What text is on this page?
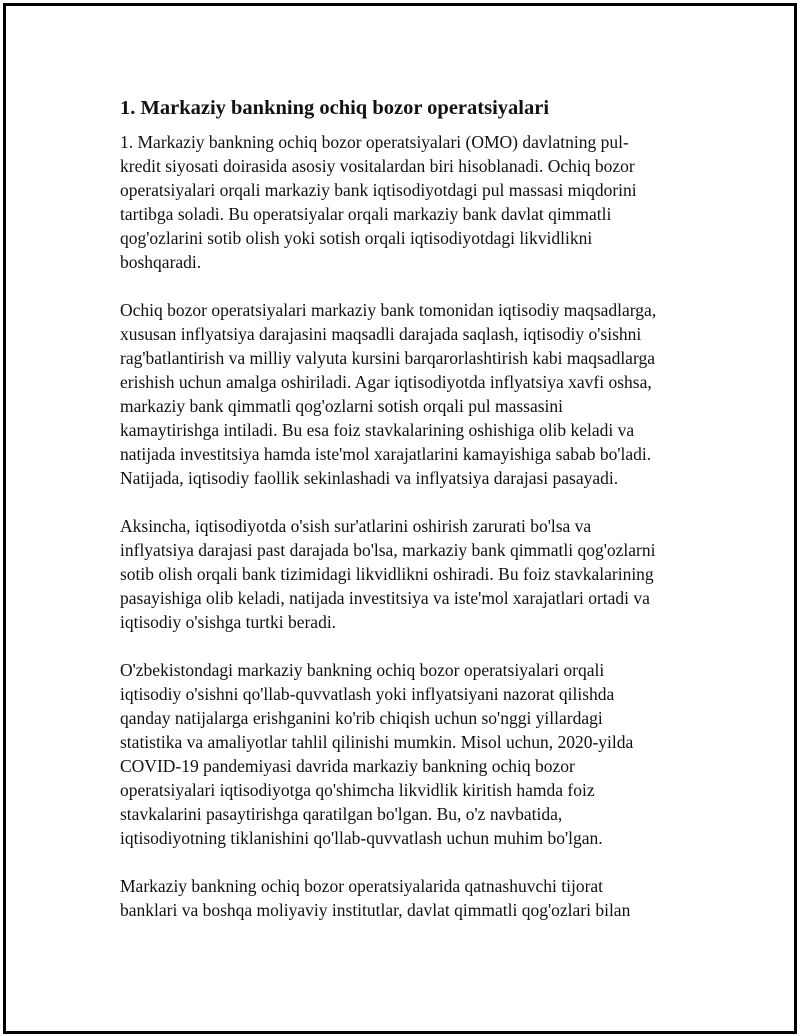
1. Markaziy bankning ochiq bozor operatsiyalari

1. Markaziy bankning ochiq bozor operatsiyalari (OMO) davlatning pul-
kredit siyosati doirasida asosiy vositalardan biri hisoblanadi. Ochiq bozor
operatsiyalari orqali markaziy bank iqtisodiyotdagi pul massasi miqdorini
tartibga soladi. Bu operatsiyalar orqali markaziy bank davlat qimmatli
qog'ozlarini sotib olish yoki sotish orqali iqtisodiyotdagi likvidlikni
boshqaradi.

Ochiq bozor operatsiyalari markaziy bank tomonidan iqtisodiy maqsadlarga,
xususan inflyatsiya darajasini maqsadli darajada saqlash, iqtisodiy o'sishni
rag'batlantirish va milliy valyuta kursini barqarorlashtirish kabi maqsadlarga
erishish uchun amalga oshiriladi. Agar iqtisodiyotda inflyatsiya xavfi oshsa,
markaziy bank qimmatli qog'ozlarni sotish orqali pul massasini
kamaytirishga intiladi. Bu esa foiz stavkalarining oshishiga olib keladi va
natijada investitsiya hamda iste'mol xarajatlarini kamayishiga sabab bo'ladi.
Natijada, iqtisodiy faollik sekinlashadi va inflyatsiya darajasi pasayadi.

Aksincha, iqtisodiyotda o'sish sur'atlarini oshirish zarurati bo'lsa va
inflyatsiya darajasi past darajada bo'lsa, markaziy bank qimmatli qog'ozlarni
sotib olish orqali bank tizimidagi likvidlikni oshiradi. Bu foiz stavkalarining
pasayishiga olib keladi, natijada investitsiya va iste'mol xarajatlari ortadi va
iqtisodiy o'sishga turtki beradi.

O'zbekistondagi markaziy bankning ochiq bozor operatsiyalari orqali
iqtisodiy o'sishni qo'llab-quvvatlash yoki inflyatsiyani nazorat qilishda
qanday natijalarga erishganini ko'rib chiqish uchun so'nggi yillardagi
statistika va amaliyotlar tahlil qilinishi mumkin. Misol uchun, 2020-yilda
COVID-19 pandemiyasi davrida markaziy bankning ochiq bozor
operatsiyalari iqtisodiyotga qo'shimcha likvidlik kiritish hamda foiz
stavkalarini pasaytirishga qaratilgan bo'lgan. Bu, o'z navbatida,
iqtisodiyotning tiklanishini qo'llab-quvvatlash uchun muhim bo'lgan.

Markaziy bankning ochiq bozor operatsiyalarida qatnashuvchi tijorat
banklari va boshqa moliyaviy institutlar, davlat qimmatli qog'ozlari bilan
